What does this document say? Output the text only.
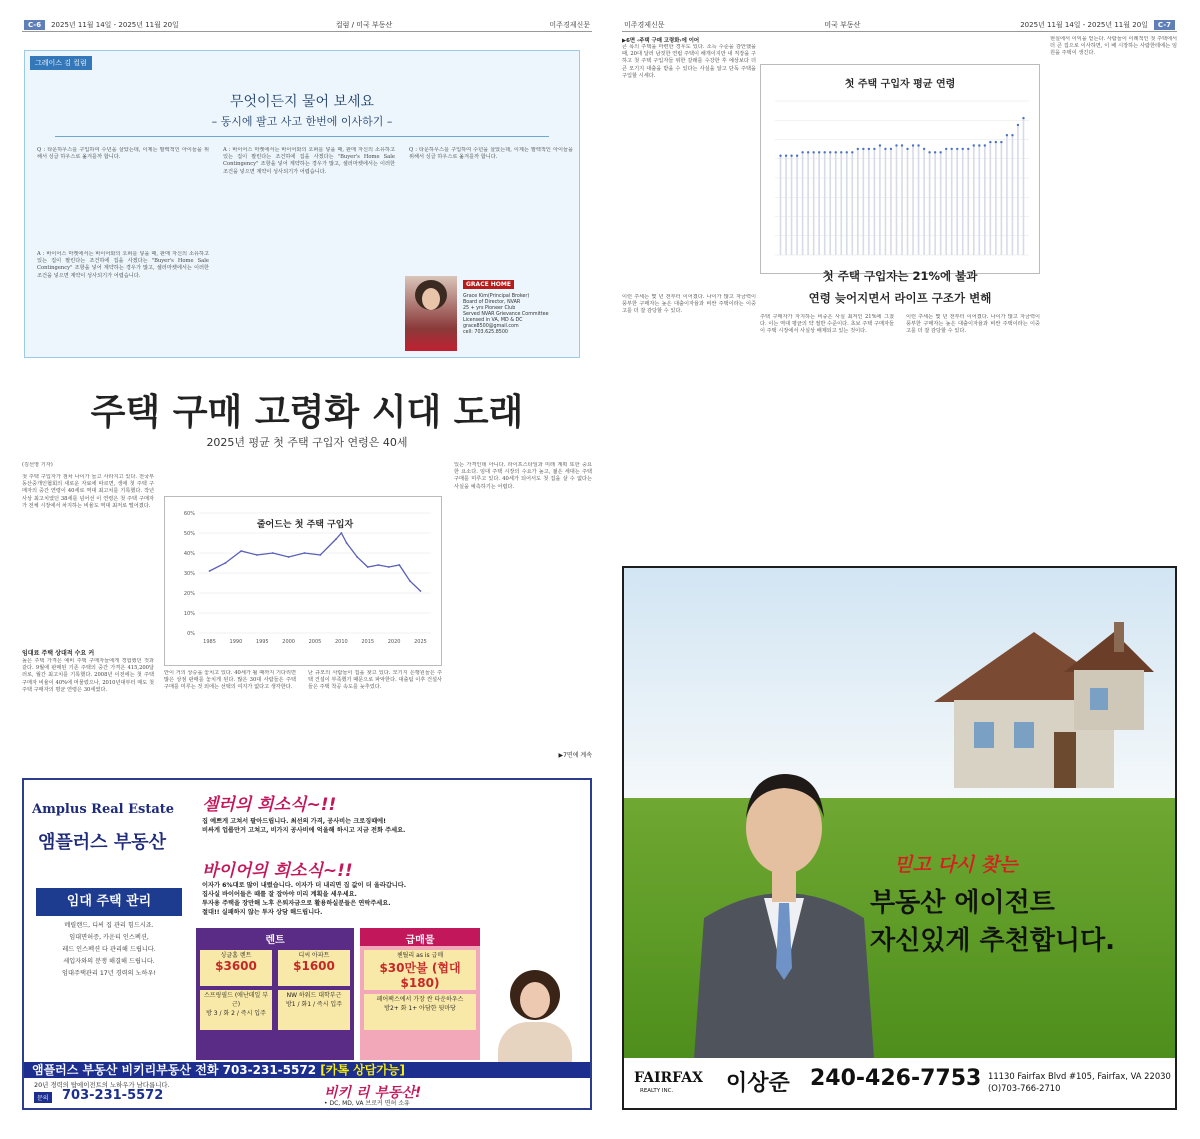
C-6	2025년 11월 14일 - 2025년 11월 20일	컬럼 / 미국 부동산	미주경제신문
그레이스 김 컬럼
무엇이든지 물어 보세요
– 동시에 팔고 사고 한번에 이사하기 –
Q : 타운하우스를 구입하여 수년을 살았는데, 이제는 팔렉적인 아이들을 위해서 싱글 하우스로 옮겨를까 합니다.
A : 바이어스 마켓에서는 바이어와의 오퍼를 넣을 때, 판매 자신의 소유하고 있는 집이 팔린다는 조건하에 집을 사겠다는 "Buyer's Home Sale Contingency" 조항을 넣어 계약하는 경우가 많고, 셀러마켓에서는 이러한 조건을 넣으면 계약이 성사되기가 어렵습니다.
A : 바이어스 마켓에서는 바이어와의 오퍼를 넣을 때, 판매 자신의 소유하고 있는 집이 팔린다는 조건하에 집을 사겠다는 "Buyer's Home Sale Contingency" 조항을 넣어 계약하는 경우가 많고, 셀러마켓에서는 이러한 조건을 넣으면 계약이 성사되기가 어렵습니다.
Q : 타운하우스를 구입하여 수년을 살았는데, 이제는 팔렉적인 아이들을 위해서 싱글 하우스로 옮겨를까 합니다.
GRACE HOME
Grace Kim(Principal Broker)
Board of Director, NVAR
25 + yrs Pioneer Club
Served NVAR Grievance Committee
Licensed in VA, MD & DC
grace8500@gmail.com
cell: 703.625.8500
주택 구매 고령화 시대 도래
2025년 평균 첫 주택 구입자 연령은 40세
(김선영 기자)
첫 주택 구입자가 점차 나이가 들고 사라지고 있다. 전국부동산중개인협회의 새로운 자료에 따르면, 생애 첫 주택 구매자의 중간 연령이 40세로 역대 최고치를 기록했다. 작년 사상 최고치였던 38세를 넘어선 이 연령은 첫 주택 구매자가 전체 시장에서 차지하는 비율도 역대 최저로 떨어졌다.
임대료 주택 상대적 수요 커
높은 주택 가격은 예비 주택 구매자들에게 경험했던 것과 같다. 9월에 판매된 기존 주택의 중간 가격은 415,200달러로, 월간 최고치를 기록했다. 2008년 이전에는 첫 주택 구매자 비율이 40%에 머물렀으나, 2010년대부터 매도 첫 주택 구매자의 평균 연령은 30세였다.
줄어드는 첫 주택 구입자
60%
50%
40%
30%
20%
10%
0%
1985	1990	1995	2000	2005	2010	2015	2020	2025
안이 거의 상승을 놓치고 있다. 40세가 될 때까지 기다리면 많은 상점 판매를 놓치게 된다. 많은 30대 사람들은 주택 구매를 미루는 것 외에는 선택의 여지가 없다고 생각한다.
난 규모의 사람들이 집을 찾고 있다. 모기지 은행원들은 주택 건설이 부족했기 때문으로 파악한다. 대출팀 이후 건설사들은 주택 착공 속도를 늦추었다.
있는 가격인데 아니다. 라이프스타일과 미래 계획 또한 중요한 요소다. 임대 주택 시장의 수요가 높고, 젊은 세대는 주택 구매를 미루고 있다. 40세가 되어서도 첫 집을 살 수 없다는 사실을 예측하기는 어렵다.
▶7면에 계속
Amplus Real Estate
앰플러스 부동산
임대 주택 관리
메릴랜드, 디씨 집 관리 힘드시죠.
임대면허증, 카운티 인스펙션,
레드 인스펙션 다 관리해 드립니다.
세입자와의 분쟁 해결해 드립니다.
임대주택관리 17년 경력의 노하우!
셀러의 희소식~!!
집 예쁘게 고쳐서 팔아드립니다. 최선의 가격, 공사비는 크로징때에!
비싸게 업룹만거 고쳐고, 비가지 공사비에 억울해 하시고 지금 전화 주세요.
바이어의 희소식~!!
이자가 6%대로 많이 내렸습니다. 이자가 더 내리면 집 값이 더 올라갑니다.
집사실 바이어들은 때를 잘 잡아야 미리 계획을 세우세요.
투자용 주택을 장만해 노후 은퇴자금으로 활용하실분들은 연락주세요.
절대!! 실패하지 않는 투자 상담 해드립니다.
렌트
싱글홈 렌트
$3600
디씨 아파트
$1600
스프링필드 (애난데일 부근)
방 3 / 화 2 / 즉시 입주
NW 하워드 대학부근
방1 / 화1 / 즉시 입주
급매물
첸틸리 as is 급매
$30만불 (협대 $180)
페어팩스에서 가장 싼 타운하우스
방2+ 화 1+ 아담한 뒷마당
앰플러스 부동산 비키리부동산 전화 703-231-5572 [카톡 상담가능]
20년 경력의 탑에이전트의 노하우가 남다릅니다.
문의 703-231-5572	비키 리 부동산!
• DC, MD, VA 브로커 면허 소유
미주경제신문	미국 부동산	2025년 11월 14일 - 2025년 11월 20일	C-7
▶6면 ‹주택 구매 고령화›에 이어
큰 폭의 주택을 마련한 경우도 있다. 소득 수준을 감안했을 때, 20대 달러 남짓한 연립 주택이 해개이지만 내 직장을 구하고 첫 주택 구입자들 위한 갈래를 수강한 후 예상보다 더 큰 모기지 대출을 받을 수 있다는 사실을 알고 단독 주택을 구입할 시세다.
이런 주세는 몇 년 전부터 이어졌다. 나이가 많고 자금력이 풍부한 구매자는 높은 대출이자율과 비싼 주택이라는 이중고를 더 잘 감당할 수 있다.
첫 주택 구입자 평균 연령
첫 주택 구입자는 21%에 불과
연령 늦어지면서 라이프 구조가 변해
주택 구매자가 자지하는 비중은 사실 최저인 21%에 그쳤다. 이는 역대 평균의 약 절반 수준이다. 초보 주택 구매자들이 주택 시장에서 사실상 배제되고 있는 것이다.
이런 주세는 몇 년 전부터 이어졌다. 나이가 많고 자금력이 풍부한 구매자는 높은 대출이자율과 비싼 주택이라는 이중고를 더 잘 감당할 수 있다.
현실에서 이익을 얻는다. 사람들이 이례적인 첫 주택에서 더 큰 집으로 이사하면, 이 배 시장하는 사람한테에는 임원을 주택이 생긴다.
믿고 다시 찾는
부동산 에이전트
자신있게 추천합니다.
FAIRFAX
REALTY INC. 이상준 240-426-7753 11130 Fairfax Blvd #105, Fairfax, VA 22030
(O)703-766-2710
